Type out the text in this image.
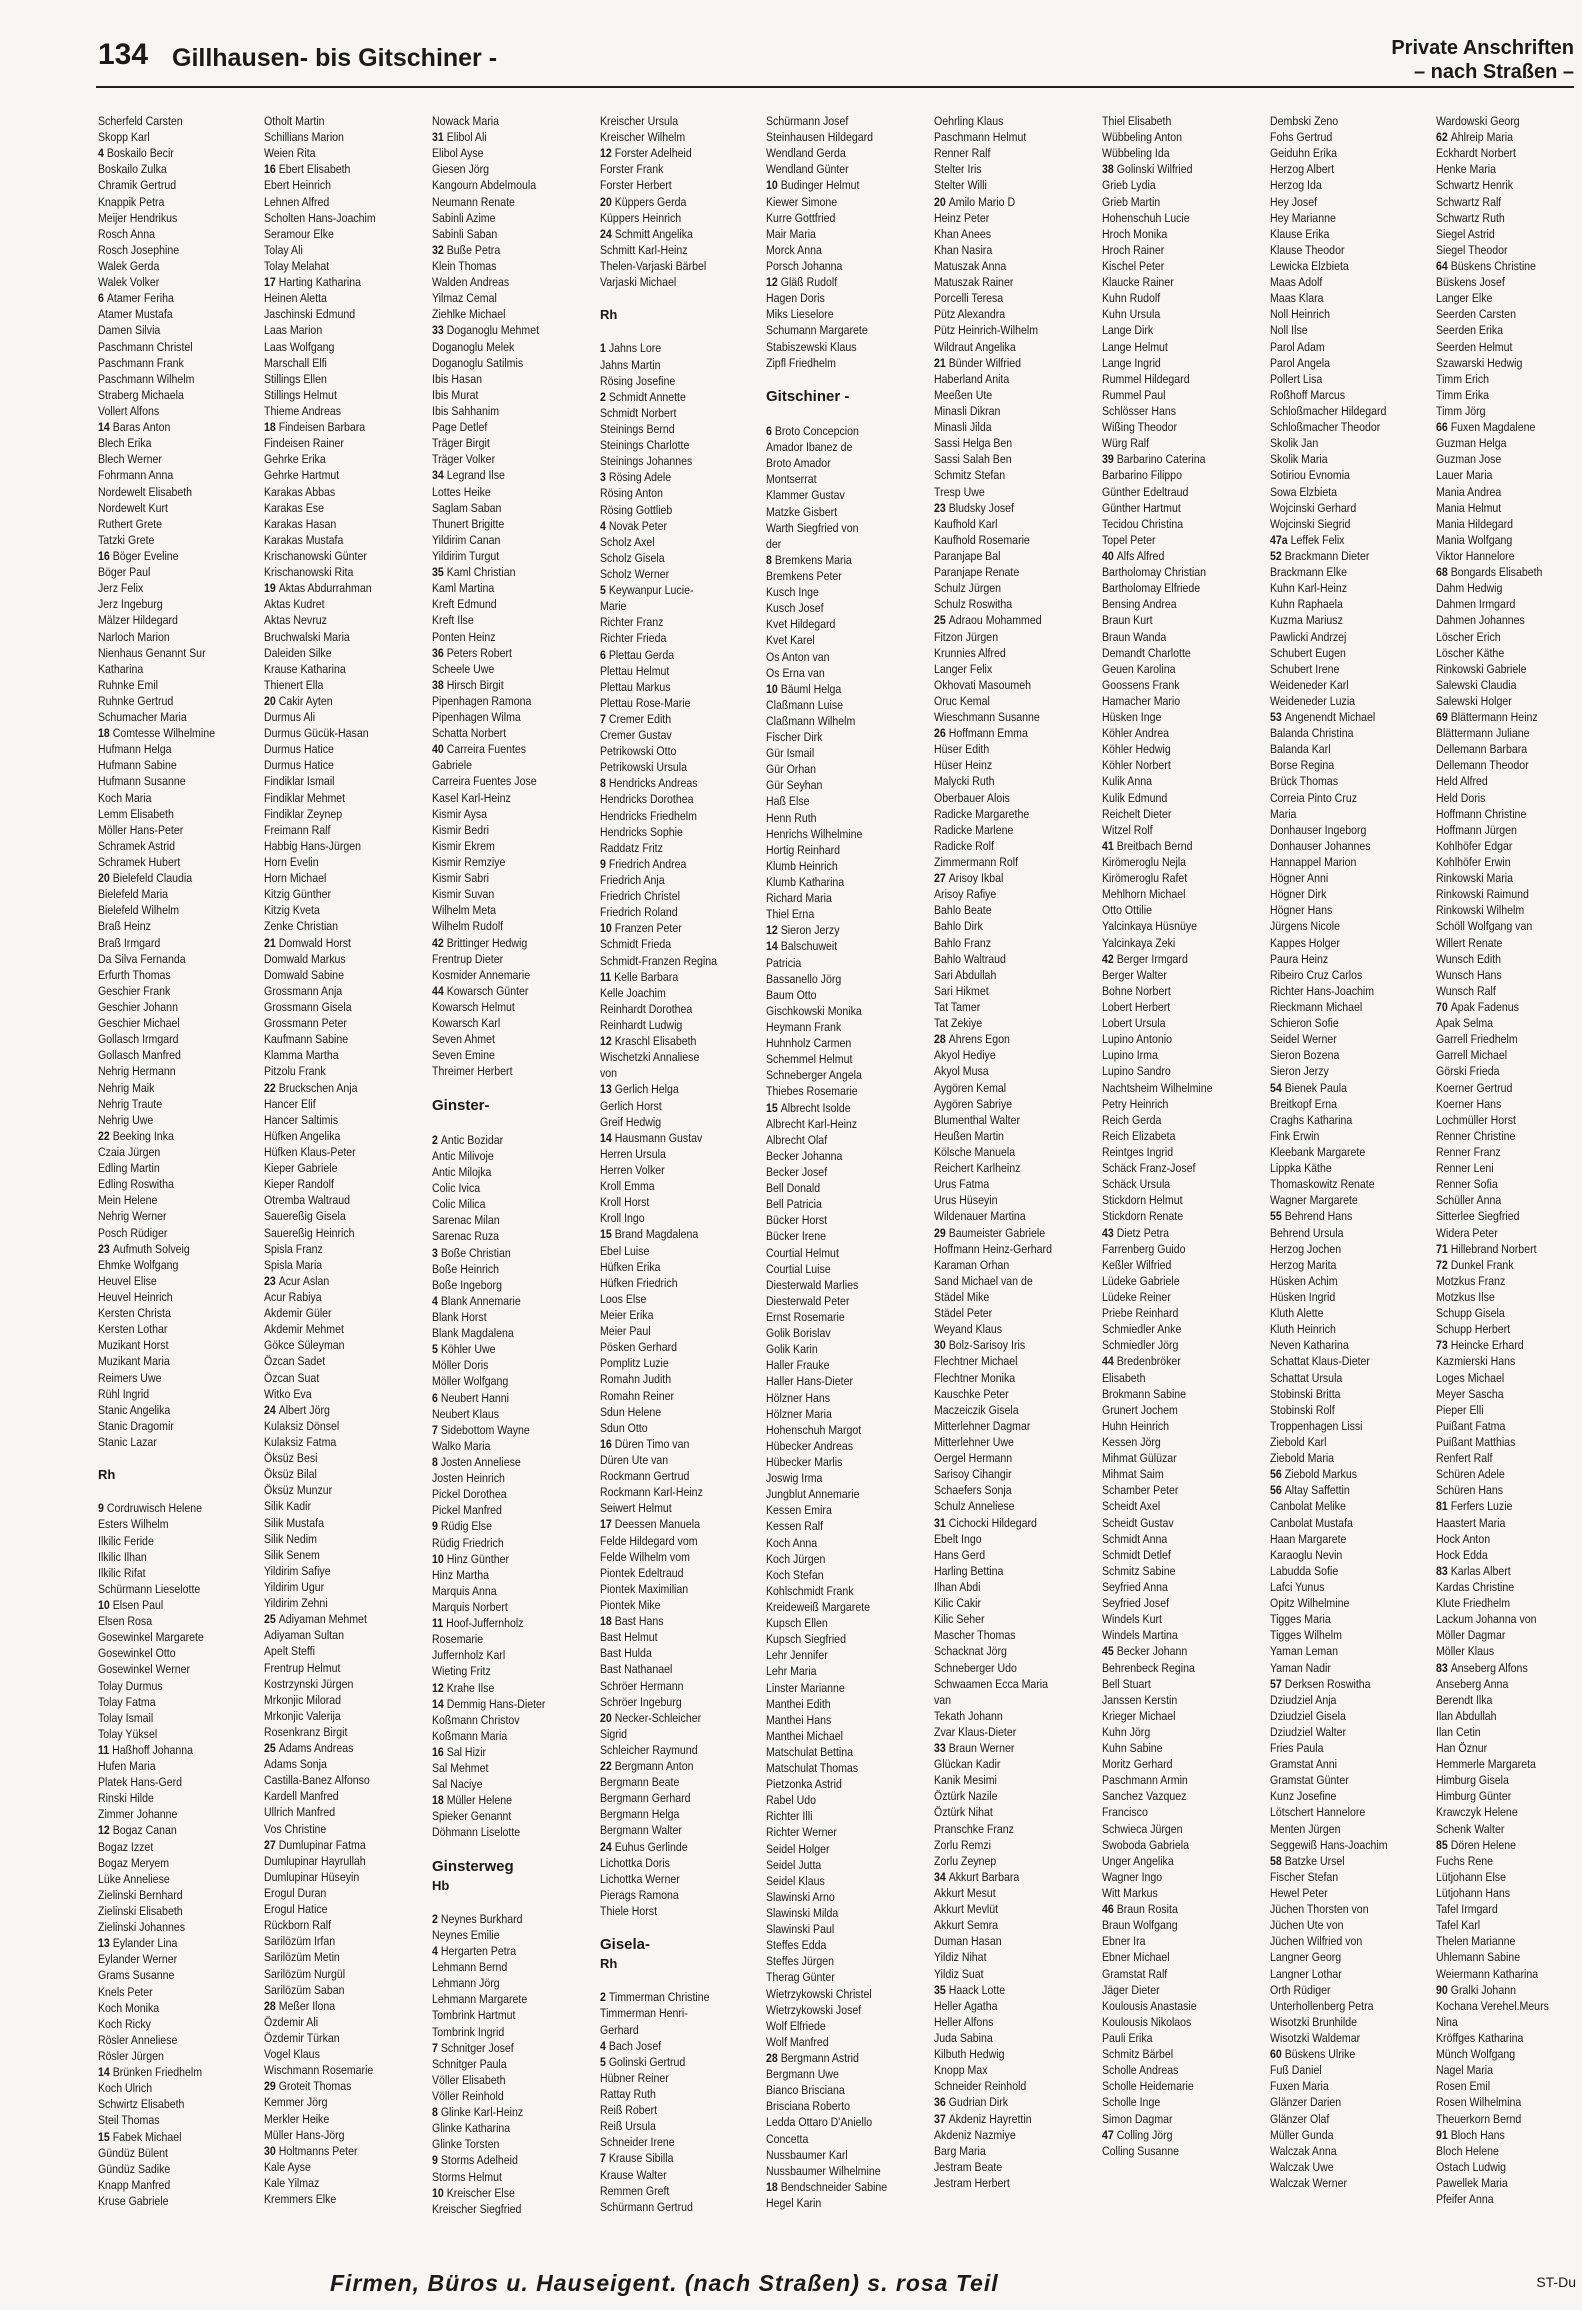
134 Gillhausen- bis Gitschiner -	Private Anschriften
– nach Straßen –
Scherfeld Carsten
Skopp Karl
4 Boskailo Becir
Boskailo Zulka
Chramik Gertrud
Knappik Petra
Meijer Hendrikus
Rosch Anna
Rosch Josephine
Walek Gerda
Walek Volker
6 Atamer Feriha
Atamer Mustafa
Damen Silvia
Paschmann Christel
Paschmann Frank
Paschmann Wilhelm
Straberg Michaela
Vollert Alfons
14 Baras Anton
Blech Erika
Blech Werner
Fohrmann Anna
Nordewelt Elisabeth
Nordewelt Kurt
Ruthert Grete
Tatzki Grete
16 Böger Eveline
Böger Paul
Jerz Felix
Jerz Ingeburg
Mälzer Hildegard
Narloch Marion
Nienhaus Genannt Sur
Katharina
Ruhnke Emil
Ruhnke Gertrud
Schumacher Maria
18 Comtesse Wilhelmine
Hufmann Helga
Hufmann Sabine
Hufmann Susanne
Koch Maria
Lemm Elisabeth
Möller Hans-Peter
Schramek Astrid
Schramek Hubert
20 Bielefeld Claudia
Bielefeld Maria
Bielefeld Wilhelm
Braß Heinz
Braß Irmgard
Da Silva Fernanda
Erfurth Thomas
Geschier Frank
Geschier Johann
Geschier Michael
Gollasch Irmgard
Gollasch Manfred
Nehrig Hermann
Nehrig Maik
Nehrig Traute
Nehrig Uwe
22 Beeking Inka
Czaia Jürgen
Edling Martin
Edling Roswitha
Mein Helene
Nehrig Werner
Posch Rüdiger
23 Aufmuth Solveig
Ehmke Wolfgang
Heuvel Elise
Heuvel Heinrich
Kersten Christa
Kersten Lothar
Muzikant Horst
Muzikant Maria
Reimers Uwe
Rühl Ingrid
Stanic Angelika
Stanic Dragomir
Stanic Lazar
Rh
9 Cordruwisch Helene
Esters Wilhelm
Ilkilic Feride
Ilkilic Ilhan
Ilkilic Rifat
Schürmann Lieselotte
10 Elsen Paul
Elsen Rosa
Gosewinkel Margarete
Gosewinkel Otto
Gosewinkel Werner
Tolay Durmus
Tolay Fatma
Tolay Ismail
Tolay Yüksel
11 Haßhoff Johanna
Hufen Maria
Platek Hans-Gerd
Rinski Hilde
Zimmer Johanne
12 Bogaz Canan
Bogaz Izzet
Bogaz Meryem
Lüke Anneliese
Zielinski Bernhard
Zielinski Elisabeth
Zielinski Johannes
13 Eylander Lina
Eylander Werner
Grams Susanne
Knels Peter
Koch Monika
Koch Ricky
Rösler Anneliese
Rösler Jürgen
14 Brünken Friedhelm
Koch Ulrich
Schwirtz Elisabeth
Steil Thomas
15 Fabek Michael
Gündüz Bülent
Gündüz Sadike
Knapp Manfred
Kruse Gabriele
Otholt Martin
Schillians Marion
Weien Rita
16 Ebert Elisabeth
Ebert Heinrich
Lehnen Alfred
Scholten Hans-Joachim
Seramour Elke
Tolay Ali
Tolay Melahat
17 Harting Katharina
Heinen Aletta
Jaschinski Edmund
Laas Marion
Laas Wolfgang
Marschall Elfi
Stillings Ellen
Stillings Helmut
Thieme Andreas
18 Findeisen Barbara
Findeisen Rainer
Gehrke Erika
Gehrke Hartmut
Karakas Abbas
Karakas Ese
Karakas Hasan
Karakas Mustafa
Krischanowski Günter
Krischanowski Rita
19 Aktas Abdurrahman
Aktas Kudret
Aktas Nevruz
Bruchwalski Maria
Daleiden Silke
Krause Katharina
Thienert Ella
20 Cakir Ayten
Durmus Ali
Durmus Gücük-Hasan
Durmus Hatice
Durmus Hatice
Findiklar Ismail
Findiklar Mehmet
Findiklar Zeynep
Freimann Ralf
Habbig Hans-Jürgen
Horn Evelin
Horn Michael
Kitzig Günther
Kitzig Kveta
Zenke Christian
21 Domwald Horst
Domwald Markus
Domwald Sabine
Grossmann Anja
Grossmann Gisela
Grossmann Peter
Kaufmann Sabine
Klamma Martha
Pitzolu Frank
22 Bruckschen Anja
Hancer Elif
Hancer Saltimis
Hüfken Angelika
Hüfken Klaus-Peter
Kieper Gabriele
Kieper Randolf
Otremba Waltraud
Sauereßig Gisela
Sauereßig Heinrich
Spisla Franz
Spisla Maria
23 Acur Aslan
Acur Rabiya
Akdemir Güler
Akdemir Mehmet
Gökce Süleyman
Özcan Sadet
Özcan Suat
Witko Eva
24 Albert Jörg
Kulaksiz Dönsel
Kulaksiz Fatma
Öksüz Besi
Öksüz Bilal
Öksüz Munzur
Silik Kadir
Silik Mustafa
Silik Nedim
Silik Senem
Yildirim Safiye
Yildirim Ugur
Yildirim Zehni
25 Adiyaman Mehmet
Adiyaman Sultan
Apelt Steffi
Frentrup Helmut
Kostrzynski Jürgen
Mrkonjic Milorad
Mrkonjic Valerija
Rosenkranz Birgit
25 Adams Andreas
Adams Sonja
Castilla-Banez Alfonso
Kardell Manfred
Ullrich Manfred
Vos Christine
27 Dumlupinar Fatma
Dumlupinar Hayrullah
Dumlupinar Hüseyin
Erogul Duran
Erogul Hatice
Rückborn Ralf
Sarilözüm Irfan
Sarilözüm Metin
Sarilözüm Nurgül
Sarilözüm Saban
28 Meßer Ilona
Özdemir Ali
Özdemir Türkan
Vogel Klaus
Wischmann Rosemarie
29 Groteit Thomas
Kemmer Jörg
Merkler Heike
Müller Hans-Jörg
30 Holtmanns Peter
Kale Ayse
Kale Yilmaz
Kremmers Elke
Nowack Maria
31 Elibol Ali
Elibol Ayse
Giesen Jörg
Kangourn Abdelmoula
Neumann Renate
Sabinli Azime
Sabinli Saban
32 Buße Petra
Klein Thomas
Walden Andreas
Yilmaz Cemal
Ziehlke Michael
33 Doganoglu Mehmet
Doganoglu Melek
Doganoglu Satilmis
Ibis Hasan
Ibis Murat
Ibis Sahhanim
Page Detlef
Träger Birgit
Träger Volker
34 Legrand Ilse
Lottes Heike
Saglam Saban
Thunert Brigitte
Yildirim Canan
Yildirim Turgut
35 Kaml Christian
Kaml Martina
Kreft Edmund
Kreft Ilse
Ponten Heinz
36 Peters Robert
Scheele Uwe
38 Hirsch Birgit
Pipenhagen Ramona
Pipenhagen Wilma
Schatta Norbert
40 Carreira Fuentes
Gabriele
Carreira Fuentes Jose
Kasel Karl-Heinz
Kismir Aysa
Kismir Bedri
Kismir Ekrem
Kismir Remziye
Kismir Sabri
Kismir Suvan
Wilhelm Meta
Wilhelm Rudolf
42 Brittinger Hedwig
Frentrup Dieter
Kosmider Annemarie
44 Kowarsch Günter
Kowarsch Helmut
Kowarsch Karl
Seven Ahmet
Seven Emine
Threimer Herbert
Ginster-
2 Antic Bozidar
Antic Milivoje
Antic Milojka
Colic Ivica
Colic Milica
Sarenac Milan
Sarenac Ruza
3 Boße Christian
Boße Heinrich
Boße Ingeborg
4 Blank Annemarie
Blank Horst
Blank Magdalena
5 Köhler Uwe
Möller Doris
Möller Wolfgang
6 Neubert Hanni
Neubert Klaus
7 Sidebottom Wayne
Walko Maria
8 Josten Anneliese
Josten Heinrich
Pickel Dorothea
Pickel Manfred
9 Rüdig Else
Rüdig Friedrich
10 Hinz Günther
Hinz Martha
Marquis Anna
Marquis Norbert
11 Hoof-Juffernholz
Rosemarie
Juffernholz Karl
Wieting Fritz
12 Krahe Ilse
14 Demmig Hans-Dieter
Koßmann Christov
Koßmann Maria
16 Sal Hizir
Sal Mehmet
Sal Naciye
18 Müller Helene
Spieker Genannt
Döhmann Liselotte
Ginsterweg
Hb
2 Neynes Burkhard
Neynes Emilie
4 Hergarten Petra
Lehmann Bernd
Lehmann Jörg
Lehmann Margarete
Tombrink Hartmut
Tombrink Ingrid
7 Schnitger Josef
Schnitger Paula
Völler Elisabeth
Völler Reinhold
8 Glinke Karl-Heinz
Glinke Katharina
Glinke Torsten
9 Storms Adelheid
Storms Helmut
10 Kreischer Else
Kreischer Siegfried
Kreischer Ursula
Kreischer Wilhelm
12 Forster Adelheid
Forster Frank
Forster Herbert
20 Küppers Gerda
Küppers Heinrich
24 Schmitt Angelika
Schmitt Karl-Heinz
Thelen-Varjaski Bärbel
Varjaski Michael
Rh
1 Jahns Lore
Jahns Martin
Rösing Josefine
2 Schmidt Annette
Schmidt Norbert
Steinings Bernd
Steinings Charlotte
Steinings Johannes
3 Rösing Adele
Rösing Anton
Rösing Gottlieb
4 Novak Peter
Scholz Axel
Scholz Gisela
Scholz Werner
5 Keywanpur Lucie-
Marie
Richter Franz
Richter Frieda
6 Plettau Gerda
Plettau Helmut
Plettau Markus
Plettau Rose-Marie
7 Cremer Edith
Cremer Gustav
Petrikowski Otto
Petrikowski Ursula
8 Hendricks Andreas
Hendricks Dorothea
Hendricks Friedhelm
Hendricks Sophie
Raddatz Fritz
9 Friedrich Andrea
Friedrich Anja
Friedrich Christel
Friedrich Roland
10 Franzen Peter
Schmidt Frieda
Schmidt-Franzen Regina
11 Kelle Barbara
Kelle Joachim
Reinhardt Dorothea
Reinhardt Ludwig
12 Kraschl Elisabeth
Wischetzki Annaliese
von
13 Gerlich Helga
Gerlich Horst
Greif Hedwig
14 Hausmann Gustav
Herren Ursula
Herren Volker
Kroll Emma
Kroll Horst
Kroll Ingo
15 Brand Magdalena
Ebel Luise
Hüfken Erika
Hüfken Friedrich
Loos Else
Meier Erika
Meier Paul
Pösken Gerhard
Pomplitz Luzie
Romahn Judith
Romahn Reiner
Sdun Helene
Sdun Otto
16 Düren Timo van
Düren Ute van
Rockmann Gertrud
Rockmann Karl-Heinz
Seiwert Helmut
17 Deessen Manuela
Felde Hildegard vom
Felde Wilhelm vom
Piontek Edeltraud
Piontek Maximilian
Piontek Mike
18 Bast Hans
Bast Helmut
Bast Hulda
Bast Nathanael
Schröer Hermann
Schröer Ingeburg
20 Necker-Schleicher
Sigrid
Schleicher Raymund
22 Bergmann Anton
Bergmann Beate
Bergmann Gerhard
Bergmann Helga
Bergmann Walter
24 Euhus Gerlinde
Lichottka Doris
Lichottka Werner
Pierags Ramona
Thiele Horst
Gisela-
Rh
2 Timmerman Christine
Timmerman Henri-
Gerhard
4 Bach Josef
5 Golinski Gertrud
Hübner Reiner
Rattay Ruth
Reiß Robert
Reiß Ursula
Schneider Irene
7 Krause Sibilla
Krause Walter
Remmen Greft
Schürmann Gertrud
Schürmann Josef
Steinhausen Hildegard
Wendland Gerda
Wendland Günter
10 Budinger Helmut
Kiewer Simone
Kurre Gottfried
Mair Maria
Morck Anna
Porsch Johanna
12 Gläß Rudolf
Hagen Doris
Miks Lieselore
Schumann Margarete
Stabiszewski Klaus
Zipfl Friedhelm
Gitschiner -
6 Broto Concepcion
Amador Ibanez de
Broto Amador
Montserrat
Klammer Gustav
Matzke Gisbert
Warth Siegfried von
der
8 Bremkens Maria
Bremkens Peter
Kusch Inge
Kusch Josef
Kvet Hildegard
Kvet Karel
Os Anton van
Os Erna van
10 Bäuml Helga
Claßmann Luise
Claßmann Wilhelm
Fischer Dirk
Gür Ismail
Gür Orhan
Gür Seyhan
Haß Else
Henn Ruth
Henrichs Wilhelmine
Hortig Reinhard
Klumb Heinrich
Klumb Katharina
Richard Maria
Thiel Erna
12 Sieron Jerzy
14 Balschuweit
Patricia
Bassanello Jörg
Baum Otto
Gischkowski Monika
Heymann Frank
Huhnholz Carmen
Schemmel Helmut
Schneberger Angela
Thiebes Rosemarie
15 Albrecht Isolde
Albrecht Karl-Heinz
Albrecht Olaf
Becker Johanna
Becker Josef
Bell Donald
Bell Patricia
Bücker Horst
Bücker Irene
Courtial Helmut
Courtial Luise
Diesterwald Marlies
Diesterwald Peter
Ernst Rosemarie
Golik Borislav
Golik Karin
Haller Frauke
Haller Hans-Dieter
Hölzner Hans
Hölzner Maria
Hohenschuh Margot
Hübecker Andreas
Hübecker Marlis
Joswig Irma
Jungblut Annemarie
Kessen Emira
Kessen Ralf
Koch Anna
Koch Jürgen
Koch Stefan
Kohlschmidt Frank
Kreideweiß Margarete
Kupsch Ellen
Kupsch Siegfried
Lehr Jennifer
Lehr Maria
Linster Marianne
Manthei Edith
Manthei Hans
Manthei Michael
Matschulat Bettina
Matschulat Thomas
Pietzonka Astrid
Rabel Udo
Richter Illi
Richter Werner
Seidel Holger
Seidel Jutta
Seidel Klaus
Slawinski Arno
Slawinski Milda
Slawinski Paul
Steffes Edda
Steffes Jürgen
Therag Günter
Wietrzykowski Christel
Wietrzykowski Josef
Wolf Elfriede
Wolf Manfred
28 Bergmann Astrid
Bergmann Uwe
Bianco Brisciana
Brisciana Roberto
Ledda Ottaro D'Aniello
Concetta
Nussbaumer Karl
Nussbaumer Wilhelmine
18 Bendschneider Sabine
Hegel Karin
Oehrling Klaus
Paschmann Helmut
Renner Ralf
Stelter Iris
Stelter Willi
20 Amilo Mario D
Heinz Peter
Khan Anees
Khan Nasira
Matuszak Anna
Matuszak Rainer
Porcelli Teresa
Pütz Alexandra
Pütz Heinrich-Wilhelm
Wildraut Angelika
21 Bünder Wilfried
Haberland Anita
Meeßen Ute
Minasli Dikran
Minasli Jilda
Sassi Helga Ben
Sassi Salah Ben
Schmitz Stefan
Tresp Uwe
23 Bludsky Josef
Kaufhold Karl
Kaufhold Rosemarie
Paranjape Bal
Paranjape Renate
Schulz Jürgen
Schulz Roswitha
25 Adraou Mohammed
Fitzon Jürgen
Krunnies Alfred
Langer Felix
Okhovati Masoumeh
Oruc Kemal
Wieschmann Susanne
26 Hoffmann Emma
Hüser Edith
Hüser Heinz
Malycki Ruth
Oberbauer Alois
Radicke Margarethe
Radicke Marlene
Radicke Rolf
Zimmermann Rolf
27 Arisoy Ikbal
Arisoy Rafiye
Bahlo Beate
Bahlo Dirk
Bahlo Franz
Bahlo Waltraud
Sari Abdullah
Sari Hikmet
Tat Tamer
Tat Zekiye
28 Ahrens Egon
Akyol Hediye
Akyol Musa
Aygören Kemal
Aygören Sabriye
Blumenthal Walter
Heußen Martin
Kölsche Manuela
Reichert Karlheinz
Urus Fatma
Urus Hüseyin
Wildenauer Martina
29 Baumeister Gabriele
Hoffmann Heinz-Gerhard
Karaman Orhan
Sand Michael van de
Städel Mike
Städel Peter
Weyand Klaus
30 Bolz-Sarisoy Iris
Flechtner Michael
Flechtner Monika
Kauschke Peter
Maczeiczik Gisela
Mitterlehner Dagmar
Mitterlehner Uwe
Oergel Hermann
Sarisoy Cihangir
Schaefers Sonja
Schulz Anneliese
31 Cichocki Hildegard
Ebelt Ingo
Hans Gerd
Harling Bettina
Ilhan Abdi
Kilic Cakir
Kilic Seher
Mascher Thomas
Schacknat Jörg
Schneberger Udo
Schwaamen Ecca Maria
van
Tekath Johann
Zvar Klaus-Dieter
33 Braun Werner
Glückan Kadir
Kanik Mesimi
Öztürk Nazile
Öztürk Nihat
Pranschke Franz
Zorlu Remzi
Zorlu Zeynep
34 Akkurt Barbara
Akkurt Mesut
Akkurt Mevlüt
Akkurt Semra
Duman Hasan
Yildiz Nihat
Yildiz Suat
35 Haack Lotte
Heller Agatha
Heller Alfons
Juda Sabina
Kilbuth Hedwig
Knopp Max
Schneider Reinhold
36 Gudrian Dirk
37 Akdeniz Hayrettin
Akdeniz Nazmiye
Barg Maria
Jestram Beate
Jestram Herbert
Thiel Elisabeth
Wübbeling Anton
Wübbeling Ida
38 Golinski Wilfried
Grieb Lydia
Grieb Martin
Hohenschuh Lucie
Hroch Monika
Hroch Rainer
Kischel Peter
Klaucke Rainer
Kuhn Rudolf
Kuhn Ursula
Lange Dirk
Lange Helmut
Lange Ingrid
Rummel Hildegard
Rummel Paul
Schlösser Hans
Wißing Theodor
Würg Ralf
39 Barbarino Caterina
Barbarino Filippo
Günther Edeltraud
Günther Hartmut
Tecidou Christina
Topel Peter
40 Alfs Alfred
Bartholomay Christian
Bartholomay Elfriede
Bensing Andrea
Braun Kurt
Braun Wanda
Demandt Charlotte
Geuen Karolina
Goossens Frank
Hamacher Mario
Hüsken Inge
Köhler Andrea
Köhler Hedwig
Köhler Norbert
Kulik Anna
Kulik Edmund
Reichelt Dieter
Witzel Rolf
41 Breitbach Bernd
Kirömeroglu Nejla
Kirömeroglu Rafet
Mehlhorn Michael
Otto Ottilie
Yalcinkaya Hüsnüye
Yalcinkaya Zeki
42 Berger Irmgard
Berger Walter
Bohne Norbert
Lobert Herbert
Lobert Ursula
Lupino Antonio
Lupino Irma
Lupino Sandro
Nachtsheim Wilhelmine
Petry Heinrich
Reich Gerda
Reich Elizabeta
Reintges Ingrid
Schäck Franz-Josef
Schäck Ursula
Stickdorn Helmut
Stickdorn Renate
43 Dietz Petra
Farrenberg Guido
Keßler Wilfried
Lüdeke Gabriele
Lüdeke Reiner
Priebe Reinhard
Schmiedler Anke
Schmiedler Jörg
44 Bredenbröker
Elisabeth
Brokmann Sabine
Grunert Jochem
Huhn Heinrich
Kessen Jörg
Mihmat Gülüzar
Mihmat Saim
Schamber Peter
Scheidt Axel
Scheidt Gustav
Schmidt Anna
Schmidt Detlef
Schmitz Sabine
Seyfried Anna
Seyfried Josef
Windels Kurt
Windels Martina
45 Becker Johann
Behrenbeck Regina
Bell Stuart
Janssen Kerstin
Krieger Michael
Kuhn Jörg
Kuhn Sabine
Moritz Gerhard
Paschmann Armin
Sanchez Vazquez
Francisco
Schwieca Jürgen
Swoboda Gabriela
Unger Angelika
Wagner Ingo
Witt Markus
46 Braun Rosita
Braun Wolfgang
Ebner Ira
Ebner Michael
Gramstat Ralf
Jäger Dieter
Koulousis Anastasie
Koulousis Nikolaos
Pauli Erika
Schmitz Bärbel
Scholle Andreas
Scholle Heidemarie
Scholle Inge
Simon Dagmar
47 Colling Jörg
Colling Susanne
Dembski Zeno
Fohs Gertrud
Geiduhn Erika
Herzog Albert
Herzog Ida
Hey Josef
Hey Marianne
Klause Erika
Klause Theodor
Lewicka Elzbieta
Maas Adolf
Maas Klara
Noll Heinrich
Noll Ilse
Parol Adam
Parol Angela
Pollert Lisa
Roßhoff Marcus
Schloßmacher Hildegard
Schloßmacher Theodor
Skolik Jan
Skolik Maria
Sotiriou Evnomia
Sowa Elzbieta
Wojcinski Gerhard
Wojcinski Siegrid
47a Leffek Felix
52 Brackmann Dieter
Brackmann Elke
Kuhn Karl-Heinz
Kuhn Raphaela
Kuzma Mariusz
Pawlicki Andrzej
Schubert Eugen
Schubert Irene
Weideneder Karl
Weideneder Luzia
53 Angenendt Michael
Balanda Christina
Balanda Karl
Borse Regina
Brück Thomas
Correia Pinto Cruz
Maria
Donhauser Ingeborg
Donhauser Johannes
Hannappel Marion
Högner Anni
Högner Dirk
Högner Hans
Jürgens Nicole
Kappes Holger
Paura Heinz
Ribeiro Cruz Carlos
Richter Hans-Joachim
Rieckmann Michael
Schieron Sofie
Seidel Werner
Sieron Bozena
Sieron Jerzy
54 Bienek Paula
Breitkopf Erna
Craghs Katharina
Fink Erwin
Kleebank Margarete
Lippka Käthe
Thomaskowitz Renate
Wagner Margarete
55 Behrend Hans
Behrend Ursula
Herzog Jochen
Herzog Marita
Hüsken Achim
Hüsken Ingrid
Kluth Alette
Kluth Heinrich
Neven Katharina
Schattat Klaus-Dieter
Schattat Ursula
Stobinski Britta
Stobinski Rolf
Troppenhagen Lissi
Ziebold Karl
Ziebold Maria
56 Ziebold Markus
56 Altay Saffettin
Canbolat Melike
Canbolat Mustafa
Haan Margarete
Karaoglu Nevin
Labudda Sofie
Lafci Yunus
Opitz Wilhelmine
Tigges Maria
Tigges Wilhelm
Yaman Leman
Yaman Nadir
57 Derksen Roswitha
Dziudziel Anja
Dziudziel Gisela
Dziudziel Walter
Fries Paula
Gramstat Anni
Gramstat Günter
Kunz Josefine
Lötschert Hannelore
Menten Jürgen
Seggewiß Hans-Joachim
58 Batzke Ursel
Fischer Stefan
Hewel Peter
Jüchen Thorsten von
Jüchen Ute von
Jüchen Wilfried von
Langner Georg
Langner Lothar
Orth Rüdiger
Unterhollenberg Petra
Wisotzki Brunhilde
Wisotzki Waldemar
60 Büskens Ulrike
Fuß Daniel
Fuxen Maria
Glänzer Darien
Glänzer Olaf
Müller Gunda
Walczak Anna
Walczak Uwe
Walczak Werner
Wardowski Georg
62 Ahlreip Maria
Eckhardt Norbert
Henke Maria
Schwartz Henrik
Schwartz Ralf
Schwartz Ruth
Siegel Astrid
Siegel Theodor
64 Büskens Christine
Büskens Josef
Langer Elke
Seerden Carsten
Seerden Erika
Seerden Helmut
Szawarski Hedwig
Timm Erich
Timm Erika
Timm Jörg
66 Fuxen Magdalene
Guzman Helga
Guzman Jose
Lauer Maria
Mania Andrea
Mania Helmut
Mania Hildegard
Mania Wolfgang
Viktor Hannelore
68 Bongards Elisabeth
Dahm Hedwig
Dahmen Irmgard
Dahmen Johannes
Löscher Erich
Löscher Käthe
Rinkowski Gabriele
Salewski Claudia
Salewski Holger
69 Blättermann Heinz
Blättermann Juliane
Dellemann Barbara
Dellemann Theodor
Held Alfred
Held Doris
Hoffmann Christine
Hoffmann Jürgen
Kohlhöfer Edgar
Kohlhöfer Erwin
Rinkowski Maria
Rinkowski Raimund
Rinkowski Wilhelm
Schöll Wolfgang van
Willert Renate
Wunsch Edith
Wunsch Hans
Wunsch Ralf
70 Apak Fadenus
Apak Selma
Garrell Friedhelm
Garrell Michael
Görski Frieda
Koerner Gertrud
Koerner Hans
Lochmüller Horst
Renner Christine
Renner Franz
Renner Leni
Renner Sofia
Schüller Anna
Sitterlee Siegfried
Widera Peter
71 Hillebrand Norbert
72 Dunkel Frank
Motzkus Franz
Motzkus Ilse
Schupp Gisela
Schupp Herbert
73 Heincke Erhard
Kazmierski Hans
Loges Michael
Meyer Sascha
Pieper Elli
Puißant Fatma
Puißant Matthias
Renfert Ralf
Schüren Adele
Schüren Hans
81 Ferfers Luzie
Haastert Maria
Hock Anton
Hock Edda
83 Karlas Albert
Kardas Christine
Klute Friedhelm
Lackum Johanna von
Möller Dagmar
Möller Klaus
83 Anseberg Alfons
Anseberg Anna
Berendt Ilka
Ilan Abdullah
Ilan Cetin
Han Öznur
Hemmerle Margareta
Himburg Gisela
Himburg Günter
Krawczyk Helene
Schenk Walter
85 Dören Helene
Fuchs Rene
Lütjohann Else
Lütjohann Hans
Tafel Irmgard
Tafel Karl
Thelen Marianne
Uhlemann Sabine
Weiermann Katharina
90 Gralki Johann
Kochana Verehel.Meurs
Nina
Kröffges Katharina
Münch Wolfgang
Nagel Maria
Rosen Emil
Rosen Wilhelmina
Theuerkorn Bernd
91 Bloch Hans
Bloch Helene
Ostach Ludwig
Pawellek Maria
Pfeifer Anna
Firmen, Büros u. Hauseigent. (nach Straßen) s. rosa Teil	ST-Du
